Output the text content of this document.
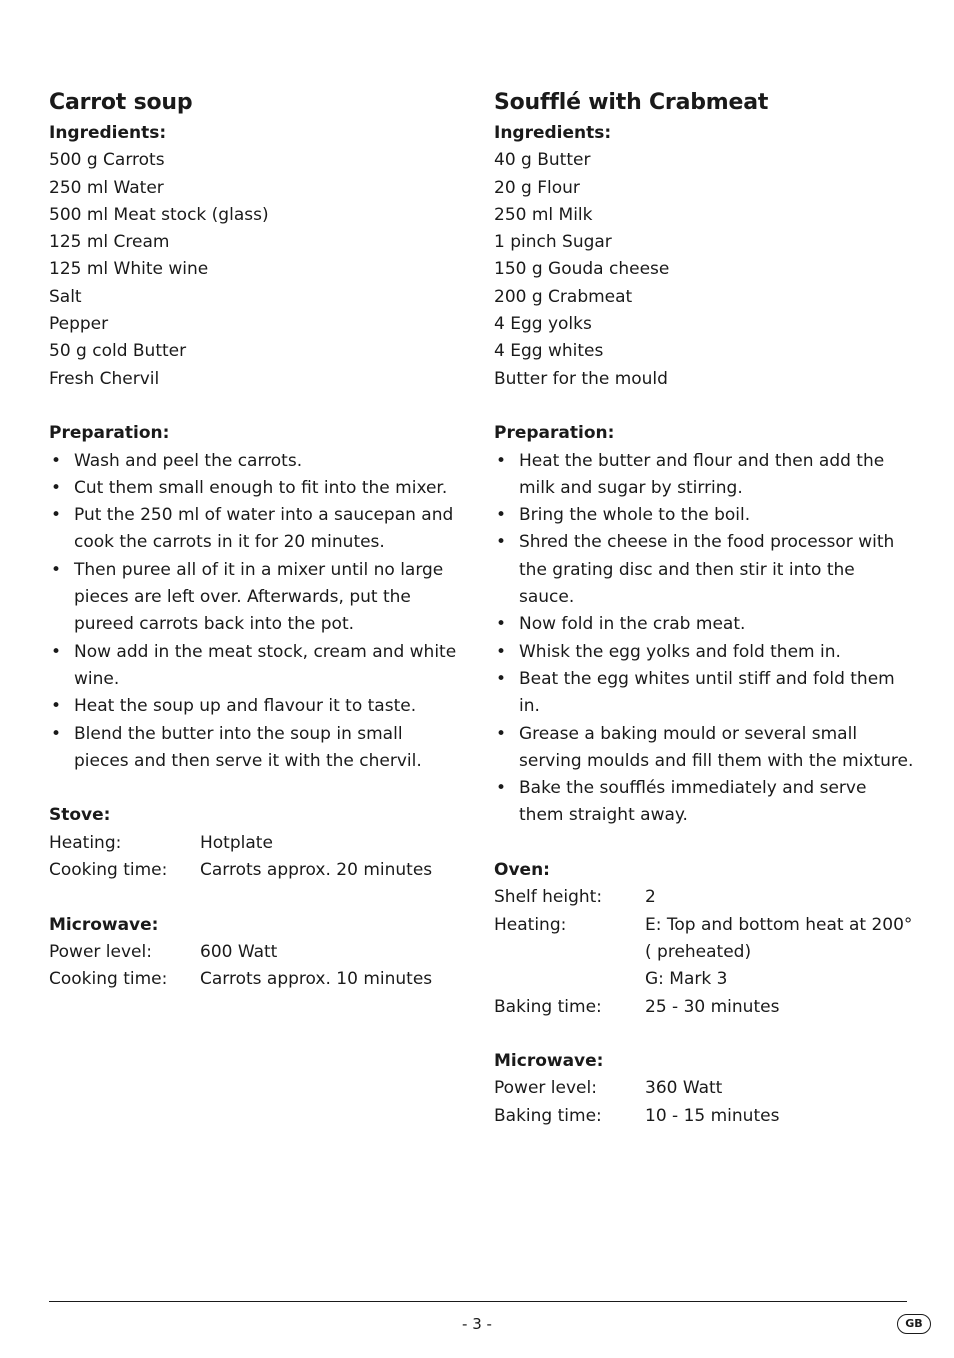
Carrot soup
Ingredients:
500 g Carrots
250 ml Water
500 ml Meat stock (glass)
125 ml Cream
125 ml White wine
Salt
Pepper
50 g cold Butter
Fresh Chervil
Preparation:
• Wash and peel the carrots.
• Cut them small enough to fit into the mixer.
• Put the 250 ml of water into a saucepan and cook the carrots in it for 20 minutes.
• Then puree all of it in a mixer until no large pieces are left over. Afterwards, put the pureed carrots back into the pot.
• Now add in the meat stock, cream and white wine.
• Heat the soup up and flavour it to taste.
• Blend the butter into the soup in small pieces and then serve it with the chervil.
Stove:
Heating:	Hotplate
Cooking time:	Carrots approx. 20 minutes
Microwave:
Power level:	600 Watt
Cooking time:	Carrots approx. 10 minutes
Soufflé with Crabmeat
Ingredients:
40 g Butter
20 g Flour
250 ml Milk
1 pinch Sugar
150 g Gouda cheese
200 g Crabmeat
4 Egg yolks
4 Egg whites
Butter for the mould
Preparation:
• Heat the butter and flour and then add the milk and sugar by stirring.
• Bring the whole to the boil.
• Shred the cheese in the food processor with the grating disc and then stir it into the sauce.
• Now fold in the crab meat.
• Whisk the egg yolks and fold them in.
• Beat the egg whites until stiff and fold them in.
• Grease a baking mould or several small serving moulds and fill them with the mixture.
• Bake the soufflés immediately and serve them straight away.
Oven:
Shelf height:	2
Heating:	E: Top and bottom heat at 200°
( preheated)
G: Mark 3
Baking time:	25 - 30 minutes
Microwave:
Power level:	360 Watt
Baking time:	10 - 15 minutes
- 3 -	GB
